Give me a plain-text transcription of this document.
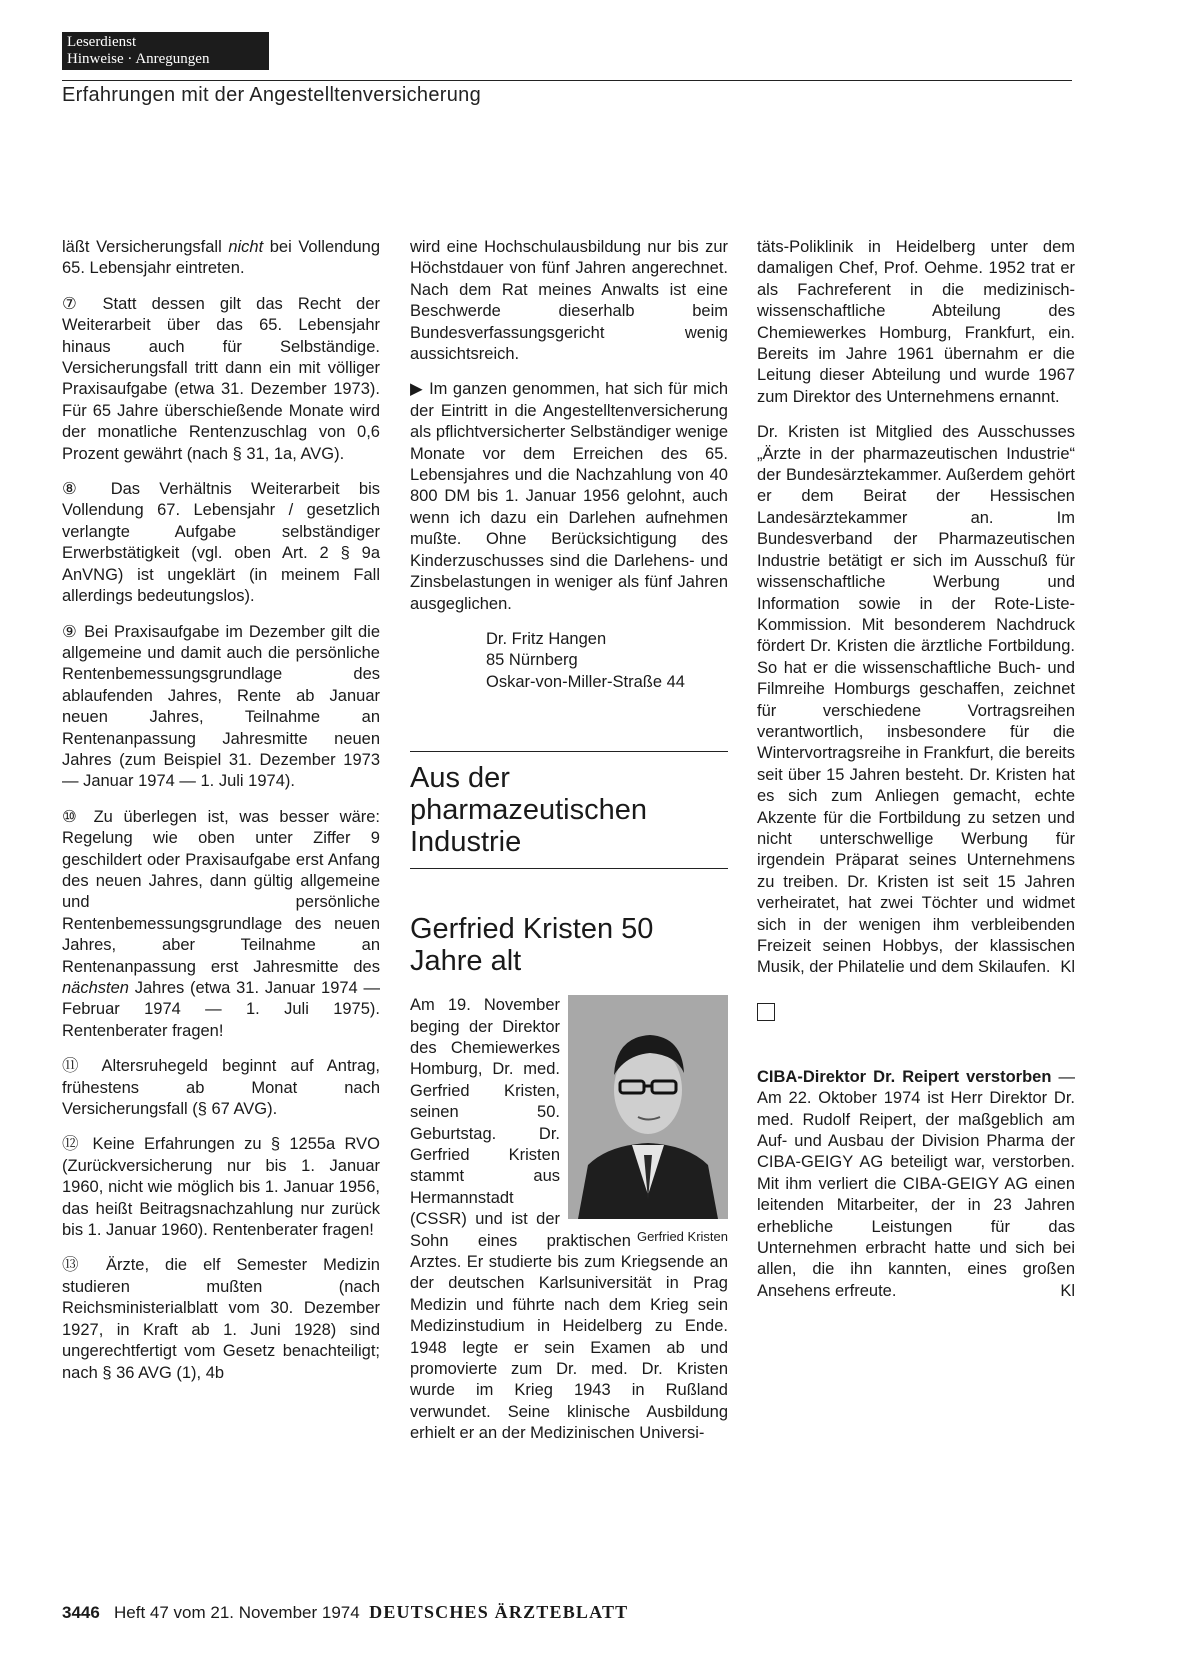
Leserdienst
Hinweise · Anregungen
Erfahrungen mit der Angestelltenversicherung

läßt Versicherungsfall nicht bei Vollendung 65. Lebensjahr eintreten.

⑦ Statt dessen gilt das Recht der Weiterarbeit über das 65. Lebensjahr hinaus auch für Selbständige. Versicherungsfall tritt dann ein mit völliger Praxisaufgabe (etwa 31. Dezember 1973). Für 65 Jahre überschießende Monate wird der monatliche Rentenzuschlag von 0,6 Prozent gewährt (nach § 31, 1a, AVG).

⑧ Das Verhältnis Weiterarbeit bis Vollendung 67. Lebensjahr / gesetzlich verlangte Aufgabe selbständiger Erwerbstätigkeit (vgl. oben Art. 2 § 9a AnVNG) ist ungeklärt (in meinem Fall allerdings bedeutungslos).

⑨ Bei Praxisaufgabe im Dezember gilt die allgemeine und damit auch die persönliche Rentenbemessungsgrundlage des ablaufenden Jahres, Rente ab Januar neuen Jahres, Teilnahme an Rentenanpassung Jahresmitte neuen Jahres (zum Beispiel 31. Dezember 1973 — Januar 1974 — 1. Juli 1974).

⑩ Zu überlegen ist, was besser wäre: Regelung wie oben unter Ziffer 9 geschildert oder Praxisaufgabe erst Anfang des neuen Jahres, dann gültig allgemeine und persönliche Rentenbemessungsgrundlage des neuen Jahres, aber Teilnahme an Rentenanpassung erst Jahresmitte des nächsten Jahres (etwa 31. Januar 1974 — Februar 1974 — 1. Juli 1975). Rentenberater fragen!

⑪ Altersruhegeld beginnt auf Antrag, frühestens ab Monat nach Versicherungsfall (§ 67 AVG).

⑫ Keine Erfahrungen zu § 1255a RVO (Zurückversicherung nur bis 1. Januar 1960, nicht wie möglich bis 1. Januar 1956, das heißt Beitragsnachzahlung nur zurück bis 1. Januar 1960). Rentenberater fragen!

⑬ Ärzte, die elf Semester Medizin studieren mußten (nach Reichsministerialblatt vom 30. Dezember 1927, in Kraft ab 1. Juni 1928) sind ungerechtfertigt vom Gesetz benachteiligt; nach § 36 AVG (1), 4b

wird eine Hochschulausbildung nur bis zur Höchstdauer von fünf Jahren angerechnet. Nach dem Rat meines Anwalts ist eine Beschwerde dieserhalb beim Bundesverfassungsgericht wenig aussichtsreich.

▶ Im ganzen genommen, hat sich für mich der Eintritt in die Angestelltenversicherung als pflichtversicherter Selbständiger wenige Monate vor dem Erreichen des 65. Lebensjahres und die Nachzahlung von 40 800 DM bis 1. Januar 1956 gelohnt, auch wenn ich dazu ein Darlehen aufnehmen mußte. Ohne Berücksichtigung des Kinderzuschusses sind die Darlehens- und Zinsbelastungen in weniger als fünf Jahren ausgeglichen.

Dr. Fritz Hangen
85 Nürnberg
Oskar-von-Miller-Straße 44
Aus der pharmazeutischen Industrie
Gerfried Kristen 50 Jahre alt
Gerfried Kristen

Am 19. November beging der Direktor des Chemiewerkes Homburg, Dr. med. Gerfried Kristen, seinen 50. Geburtstag. Dr. Gerfried Kristen stammt aus Hermannstadt (CSSR) und ist der Sohn eines praktischen Arztes. Er studierte bis zum Kriegsende an der deutschen Karlsuniversität in Prag Medizin und führte nach dem Krieg sein Medizinstudium in Heidelberg zu Ende. 1948 legte er sein Examen ab und promovierte zum Dr. med. Dr. Kristen wurde im Krieg 1943 in Rußland verwundet. Seine klinische Ausbildung erhielt er an der Medizinischen Universi-

täts-Poliklinik in Heidelberg unter dem damaligen Chef, Prof. Oehme. 1952 trat er als Fachreferent in die medizinisch-wissenschaftliche Abteilung des Chemiewerkes Homburg, Frankfurt, ein. Bereits im Jahre 1961 übernahm er die Leitung dieser Abteilung und wurde 1967 zum Direktor des Unternehmens ernannt.

Dr. Kristen ist Mitglied des Ausschusses „Ärzte in der pharmazeutischen Industrie“ der Bundesärztekammer. Außerdem gehört er dem Beirat der Hessischen Landesärztekammer an. Im Bundesverband der Pharmazeutischen Industrie betätigt er sich im Ausschuß für wissenschaftliche Werbung und Information sowie in der Rote-Liste-Kommission. Mit besonderem Nachdruck fördert Dr. Kristen die ärztliche Fortbildung. So hat er die wissenschaftliche Buch- und Filmreihe Homburgs geschaffen, zeichnet für verschiedene Vortragsreihen verantwortlich, insbesondere für die Wintervortragsreihe in Frankfurt, die bereits seit über 15 Jahren besteht. Dr. Kristen hat es sich zum Anliegen gemacht, echte Akzente für die Fortbildung zu setzen und nicht unterschwellige Werbung für irgendein Präparat seines Unternehmens zu treiben. Dr. Kristen ist seit 15 Jahren verheiratet, hat zwei Töchter und widmet sich in der wenigen ihm verbleibenden Freizeit seinen Hobbys, der klassischen Musik, der Philatelie und dem Skilaufen. Kl

CIBA-Direktor Dr. Reipert verstorben — Am 22. Oktober 1974 ist Herr Direktor Dr. med. Rudolf Reipert, der maßgeblich am Auf- und Ausbau der Division Pharma der CIBA-GEIGY AG beteiligt war, verstorben. Mit ihm verliert die CIBA-GEIGY AG einen leitenden Mitarbeiter, der in 23 Jahren erhebliche Leistungen für das Unternehmen erbracht hatte und sich bei allen, die ihn kannten, eines großen Ansehens erfreute.	Kl

3446 Heft 47 vom 21. November 1974 DEUTSCHES ÄRZTEBLATT
